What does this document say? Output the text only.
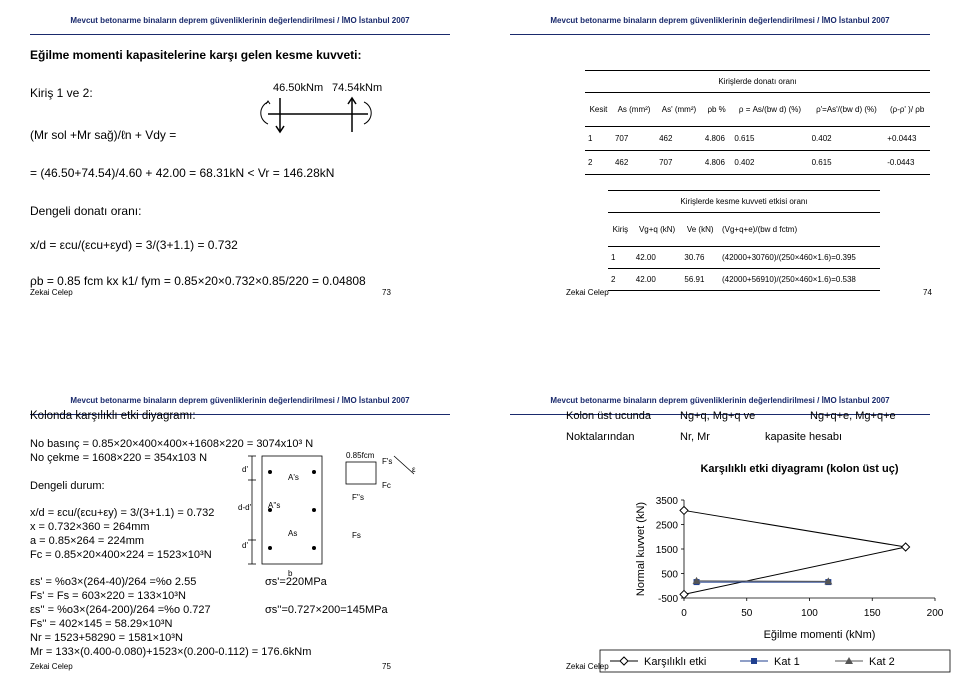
Mevcut betonarme binaların deprem güvenliklerinin değerlendirilmesi / İMO İstanbul 2007
Eğilme momenti kapasitelerine karşı gelen kesme kuvveti:
Kiriş 1 ve 2:	46.50kNm 74.54kNm
(Mr sol +Mr sağ)/ℓn + Vdy =
= (46.50+74.54)/4.60 + 42.00 = 68.31kN < Vr = 146.28kN
Dengeli donatı oranı:
x/d = εcu/(εcu+εyd) = 3/(3+1.1) = 0.732
ρb = 0.85 fcm kx k1/ fym = 0.85×20×0.732×0.85/220 = 0.04808
Zekai Celep	73
Mevcut betonarme binaların deprem güvenliklerinin değerlendirilmesi / İMO İstanbul 2007
Kirişlerde donatı oranı						
Kesit	As (mm²)	As' (mm²)	ρb %	ρ = As/(bw d) (%)	ρ'=As'/(bw d) (%)	(ρ-ρ' )/ ρb
1	707	462	4.806	0.615	0.402	+0.0443
2	462	707	4.806	0.402	0.615	-0.0443
Kirişlerde kesme kuvveti etkisi oranı			
Kiriş	Vg+q (kN)	Ve (kN)	(Vg+q+e)/(bw d fctm)
1	42.00	30.76	(42000+30760)/(250×460×1.6)=0.395
2	42.00	56.91	(42000+56910)/(250×460×1.6)=0.538
Zekai Celep	74
Mevcut betonarme binaların deprem güvenliklerinin değerlendirilmesi / İMO İstanbul 2007
Kolonda karşılıklı etki diyagramı:
No basınç = 0.85×20×400×400×+1608×220 = 3074x10³ N
No çekme = 1608×220 = 354x103 N
Dengeli durum:
x/d = εcu/(εcu+εy) = 3/(3+1.1) = 0.732
x = 0.732×360 = 264mm
a = 0.85×264 = 224mm
Fc = 0.85×20×400×224 = 1523×10³N
εs' = %o3×(264-40)/264 =%o 2.55
Fs' = Fs = 603×220 = 133×10³N
εs'' = %o3×(264-200)/264 =%o 0.727
Fs'' = 402×145 = 58.29×10³N
Nr = 1523+58290 = 1581×10³N
Mr = 133×(0.400-0.080)+1523×(0.200-0.112) = 176.6kNm
σs'=220MPa
σs''=0.727×200=145MPa
d'
d-d'
d'
A's
A''s
As
b
0.85fcm
F's
Fc
F''s
Fs
ε
Zekai Celep	75
Mevcut betonarme binaların deprem güvenliklerinin değerlendirilmesi / İMO İstanbul 2007
Kolon üst ucunda	Ng+q, Mg+q ve	Ng+q+e, Mg+q+e
Noktalarından	Nr, Mr	kapasite hesabı
Karşılıklı etki diyagramı (kolon üst uç)
3500
2500
1500
500
-500
0	50	100	150	200
Eğilme momenti (kNm)
Normal kuvvet (kN)
Karşılıklı etki	Kat 1	Kat 2
Zekai Celep
